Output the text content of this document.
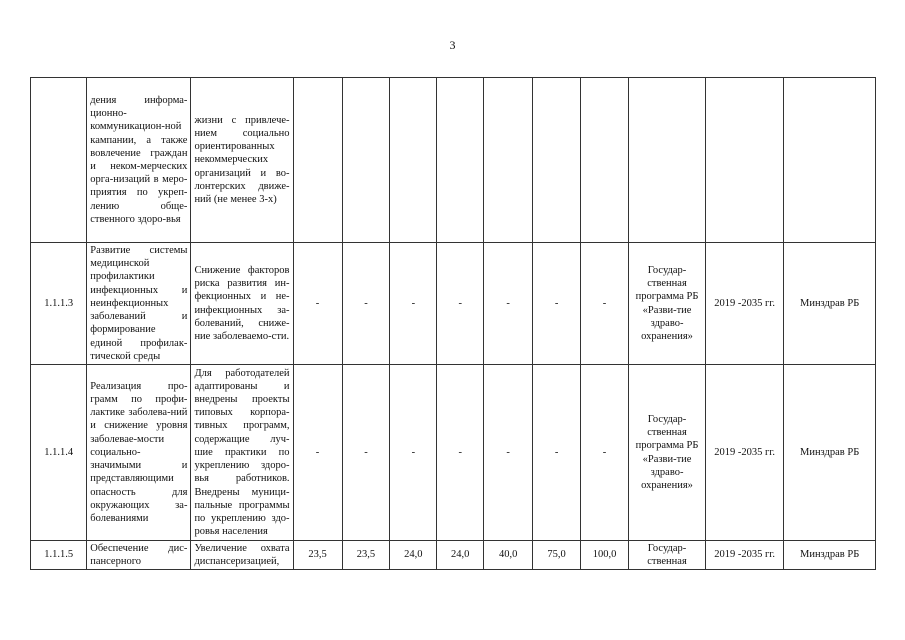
3
	дения информа-ционно-коммуникацион-ной кампании, а также вовлечение граждан и неком-мерческих орга-низаций в меро-приятия по укреп-лению обще-ственного здоро-вья	жизни с привлече-нием социально ориентированных некоммерческих организаций и во-лонтерских движе-ний (не менее 3-х)										
1.1.1.3	Развитие системы медицинской профилактики инфекционных и неинфекционных заболеваний и формирование единой профилак-тической среды	Снижение факторов риска развития ин-фекционных и не-инфекционных за-болеваний, сниже-ние заболеваемо-сти.	-	-	-	-	-	-	-	Государ-ственная программа РБ «Разви-тие здраво-охранения»	2019 -2035 гг.	Минздрав РБ
1.1.1.4	Реализация про-грамм по профи-лактике заболева-ний и снижение уровня заболевае-мости социально-значимыми и представляющими опасность для окружающих за-болеваниями	Для работодателей адаптированы и внедрены проекты типовых корпора-тивных программ, содержащие луч-шие практики по укреплению здоро-вья работников. Внедрены муници-пальные программы по укреплению здо-ровья населения	-	-	-	-	-	-	-	Государ-ственная программа РБ «Разви-тие здраво-охранения»	2019 -2035 гг.	Минздрав РБ
1.1.1.5	Обеспечение дис-пансерного	Увеличение охвата диспансеризацией,	23,5	23,5	24,0	24,0	40,0	75,0	100,0	Государ-ственная	2019 -2035 гг.	Минздрав РБ
